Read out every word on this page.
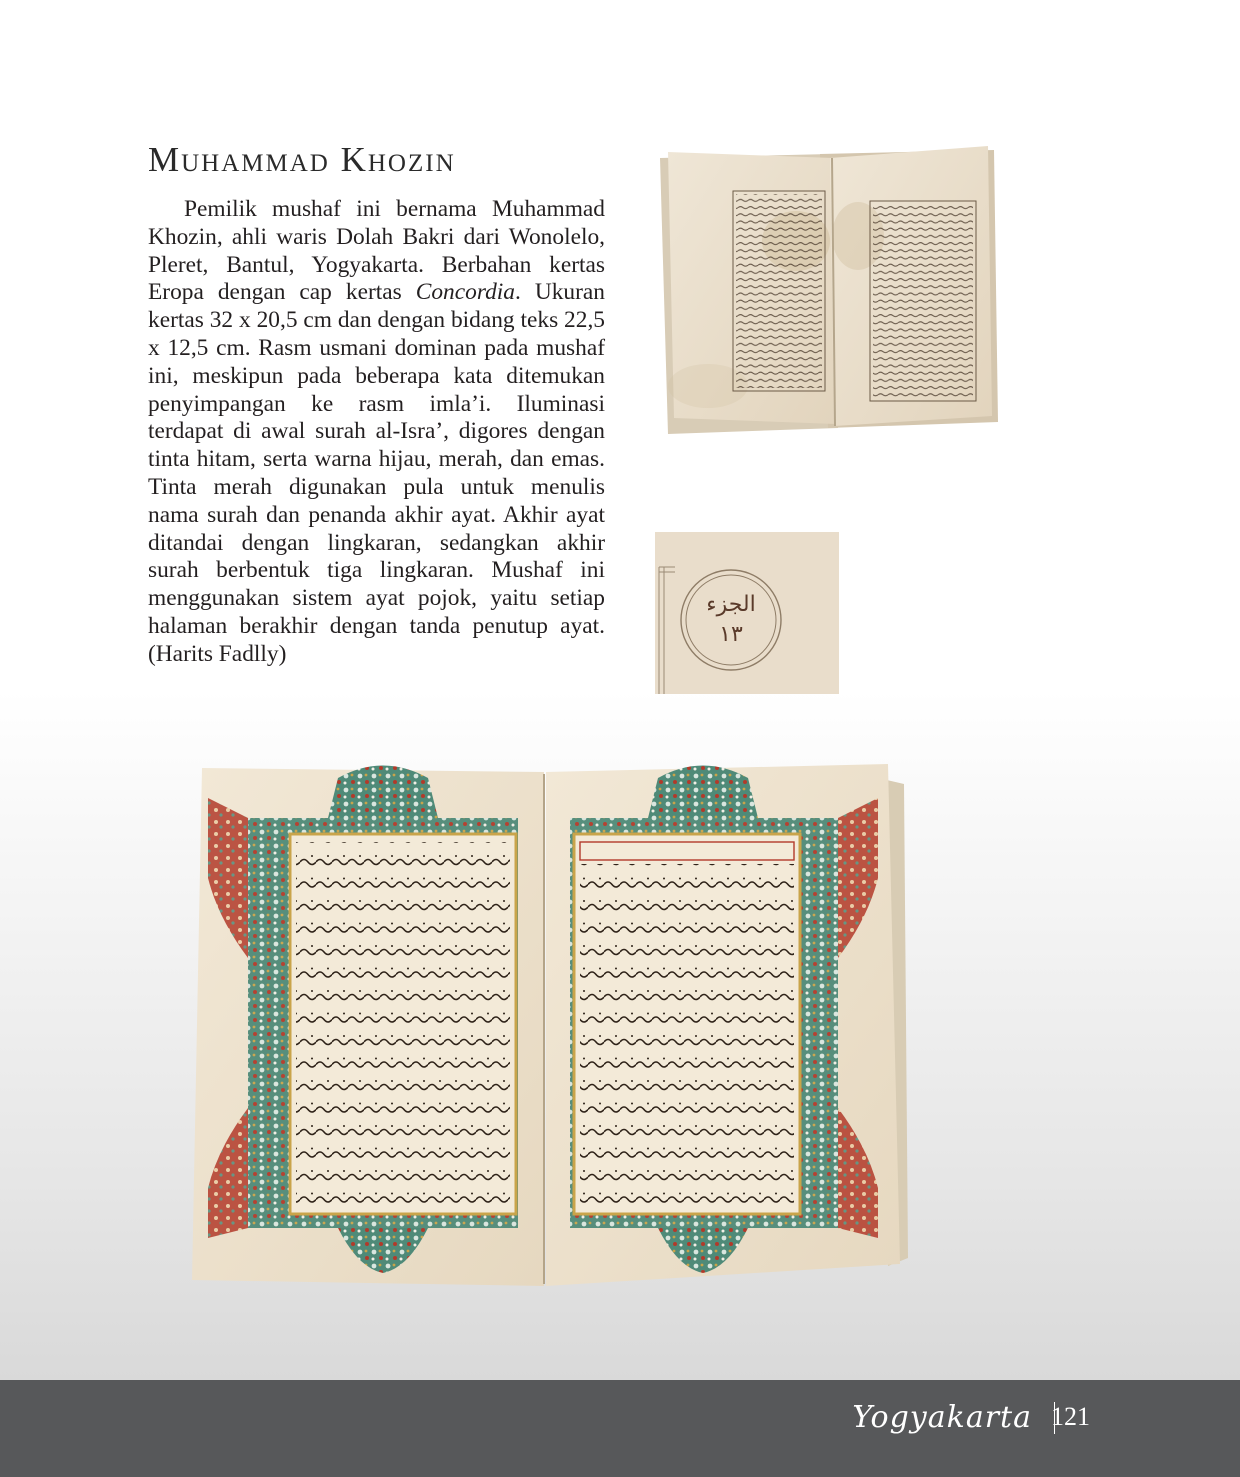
Muhammad Khozin

Pemilik mushaf ini bernama Muhammad Khozin, ahli waris Dolah Bakri dari Wonolelo, Pleret, Bantul, Yogyakarta. Berbahan kertas Eropa dengan cap kertas Concordia. Ukuran kertas 32 x 20,5 cm dan dengan bidang teks 22,5 x 12,5 cm. Rasm usmani dominan pada mushaf ini, meskipun pada beberapa kata ditemukan penyimpangan ke rasm imla’i. Iluminasi terdapat di awal surah al-Isra’, digores dengan tinta hitam, serta warna hijau, merah, dan emas. Tinta merah digunakan pula untuk menulis nama surah dan penanda akhir ayat. Akhir ayat ditandai dengan lingkaran, sedangkan akhir surah berbentuk tiga lingkaran. Mushaf ini menggunakan sistem ayat pojok, yaitu setiap halaman berakhir dengan tanda penutup ayat. (Harits Fadlly)

الجزء
١٣
Yogyakarta 121
